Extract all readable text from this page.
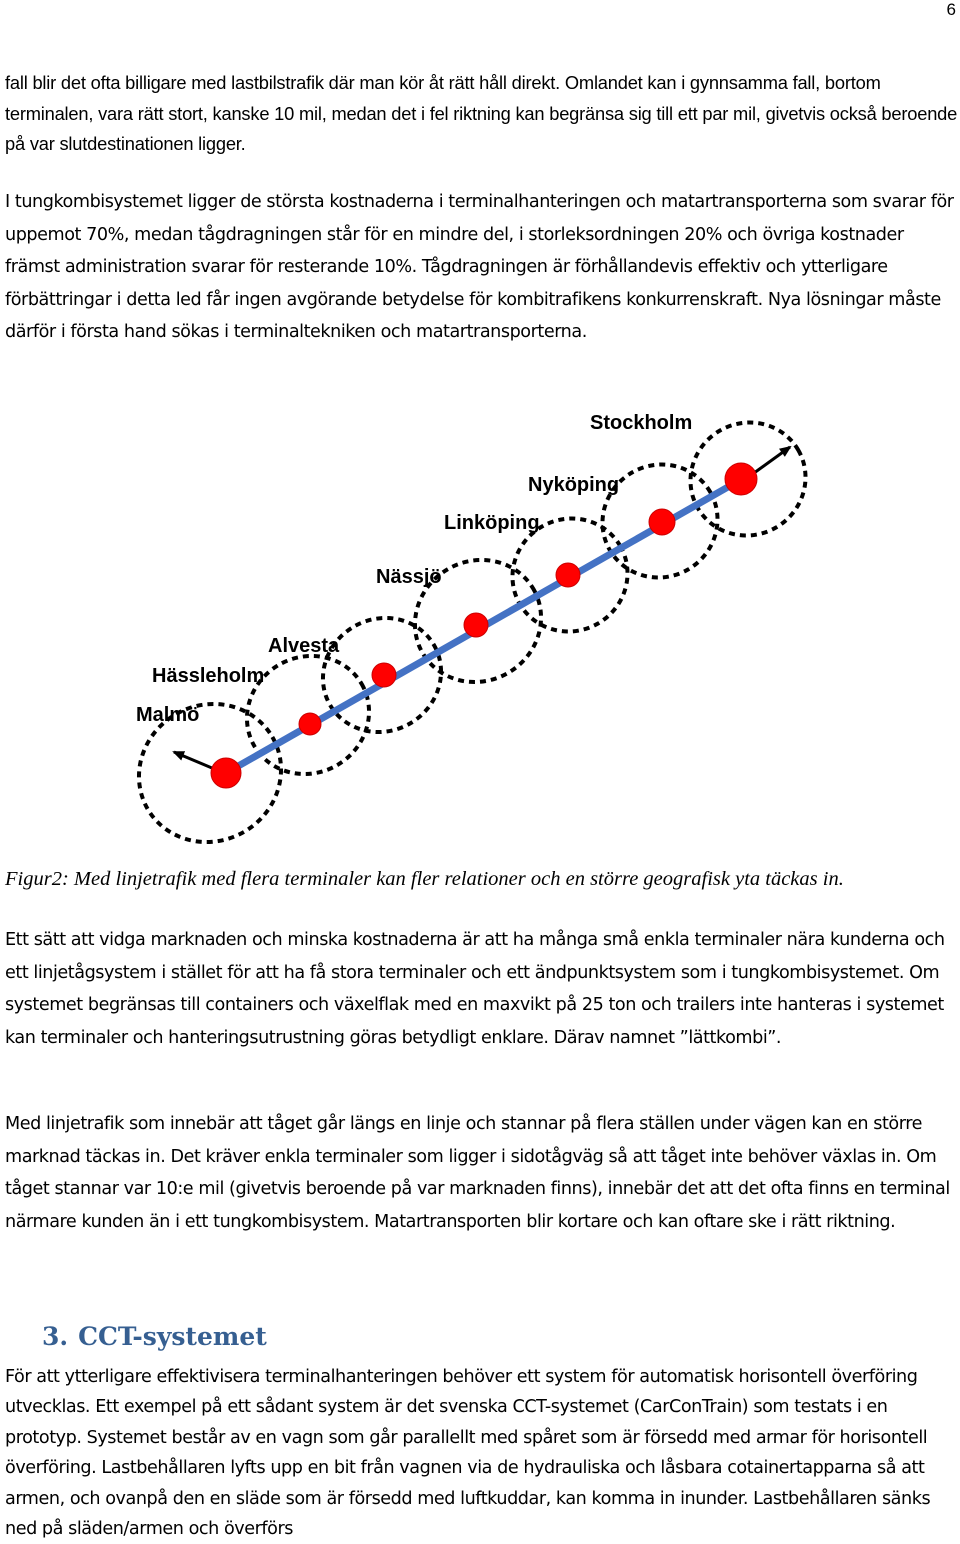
6

fall blir det ofta billigare med lastbilstrafik där man kör åt rätt håll direkt. Omlandet kan i gynnsamma fall, bortom terminalen, vara rätt stort, kanske 10 mil, medan det i fel riktning kan begränsa sig till ett par mil, givetvis också beroende på var slutdestinationen ligger.

I tungkombisystemet ligger de största kostnaderna i terminalhanteringen och matartransporterna som svarar för uppemot 70%, medan tågdragningen står för en mindre del, i storleksordningen 20% och övriga kostnader främst administration svarar för resterande 10%. Tågdragningen är förhållandevis effektiv och ytterligare förbättringar i detta led får ingen avgörande betydelse för kombitrafikens konkurrenskraft. Nya lösningar måste därför i första hand sökas i terminaltekniken och matartransporterna.

Stockholm
Nyköping
Linköping
Nässjö
Alvesta
Hässleholm
Malmö

Figur2: Med linjetrafik med flera terminaler kan fler relationer och en större geografisk yta täckas in.

Ett sätt att vidga marknaden och minska kostnaderna är att ha många små enkla terminaler nära kunderna och ett linjetågsystem i stället för att ha få stora terminaler och ett ändpunktsystem som i tungkombisystemet. Om systemet begränsas till containers och växelflak med en maxvikt på 25 ton och trailers inte hanteras i systemet kan terminaler och hanteringsutrustning göras betydligt enklare. Därav namnet ”lättkombi”.

Med linjetrafik som innebär att tåget går längs en linje och stannar på flera ställen under vägen kan en större marknad täckas in. Det kräver enkla terminaler som ligger i sidotågväg så att tåget inte behöver växlas in. Om tåget stannar var 10:e mil (givetvis beroende på var marknaden finns), innebär det att det ofta finns en terminal närmare kunden än i ett tungkombisystem. Matartransporten blir kortare och kan oftare ske i rätt riktning.

3. CCT-systemet

För att ytterligare effektivisera terminalhanteringen behöver ett system för automatisk horisontell överföring utvecklas. Ett exempel på ett sådant system är det svenska CCT-systemet (CarConTrain) som testats i en prototyp. Systemet består av en vagn som går parallellt med spåret som är försedd med armar för horisontell överföring. Lastbehållaren lyfts upp en bit från vagnen via de hydrauliska och låsbara cotainertapparna så att armen, och ovanpå den en släde som är försedd med luftkuddar, kan komma in inunder. Lastbehållaren sänks ned på släden/armen och överförs
